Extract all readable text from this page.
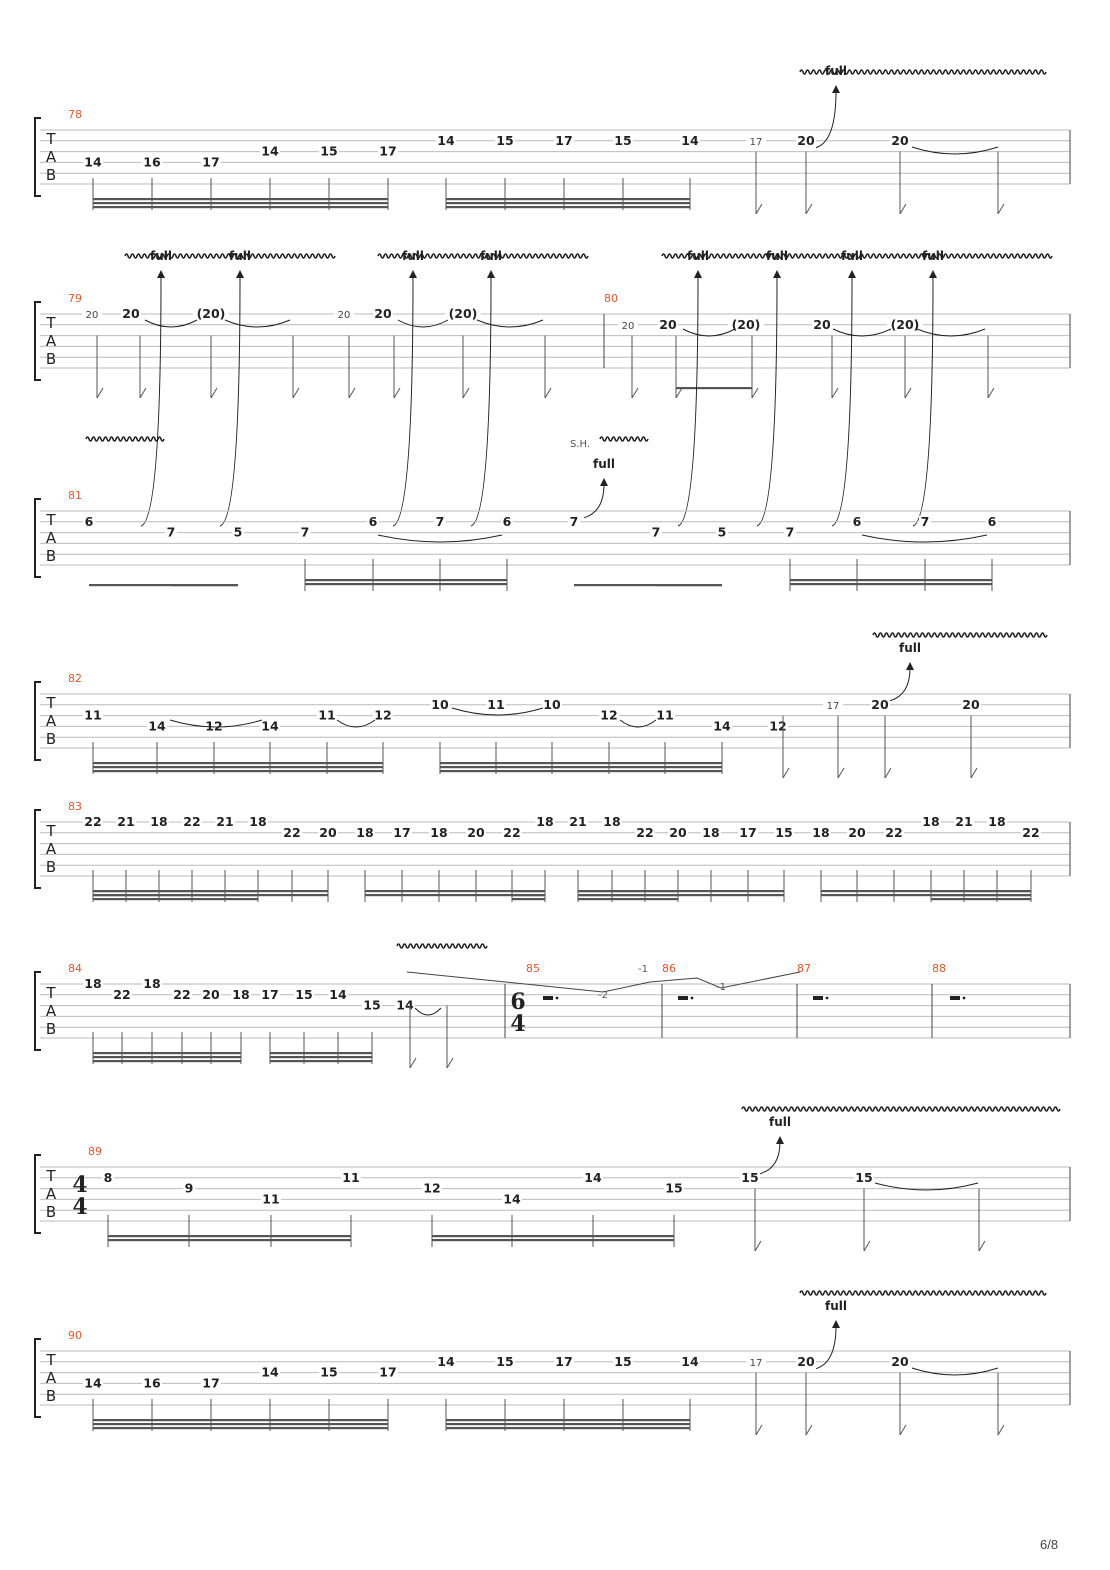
T
A
B
78
full
14	16	17
14	15	17
14	15	17	15	14	17	20	20
T
A
B
79	80
full	full	full	full	full	full	full	full
20 20	(20)	20 20	(20)
20 20	(20)	20	(20)
T
A
B
81
full
S.H.
6
7	5	7
6	7	6	7
7	5	7
6	7	6
T
A
B
82
full
11
14	12	14
11	12
10	11	10
12	11
14	12
17	20	20
T
A
B
83
22 21 18 22 21 18
22 20 18 17 18 20 22
18 21 18
22 20 18 17 15 18 20 22
18 21 18
22
T
A
B
84	85	86	87	88
6
4
18
22
18
22 20 18 17 15 14
15 14
-2
-1
-1
T
A
B
89
4
4
full
8
9
11
11
12
14
14
15
15	15
T
A
B
90
full
14	16	17
14	15	17
14	15	17	15	14	17	20	20
6/8
